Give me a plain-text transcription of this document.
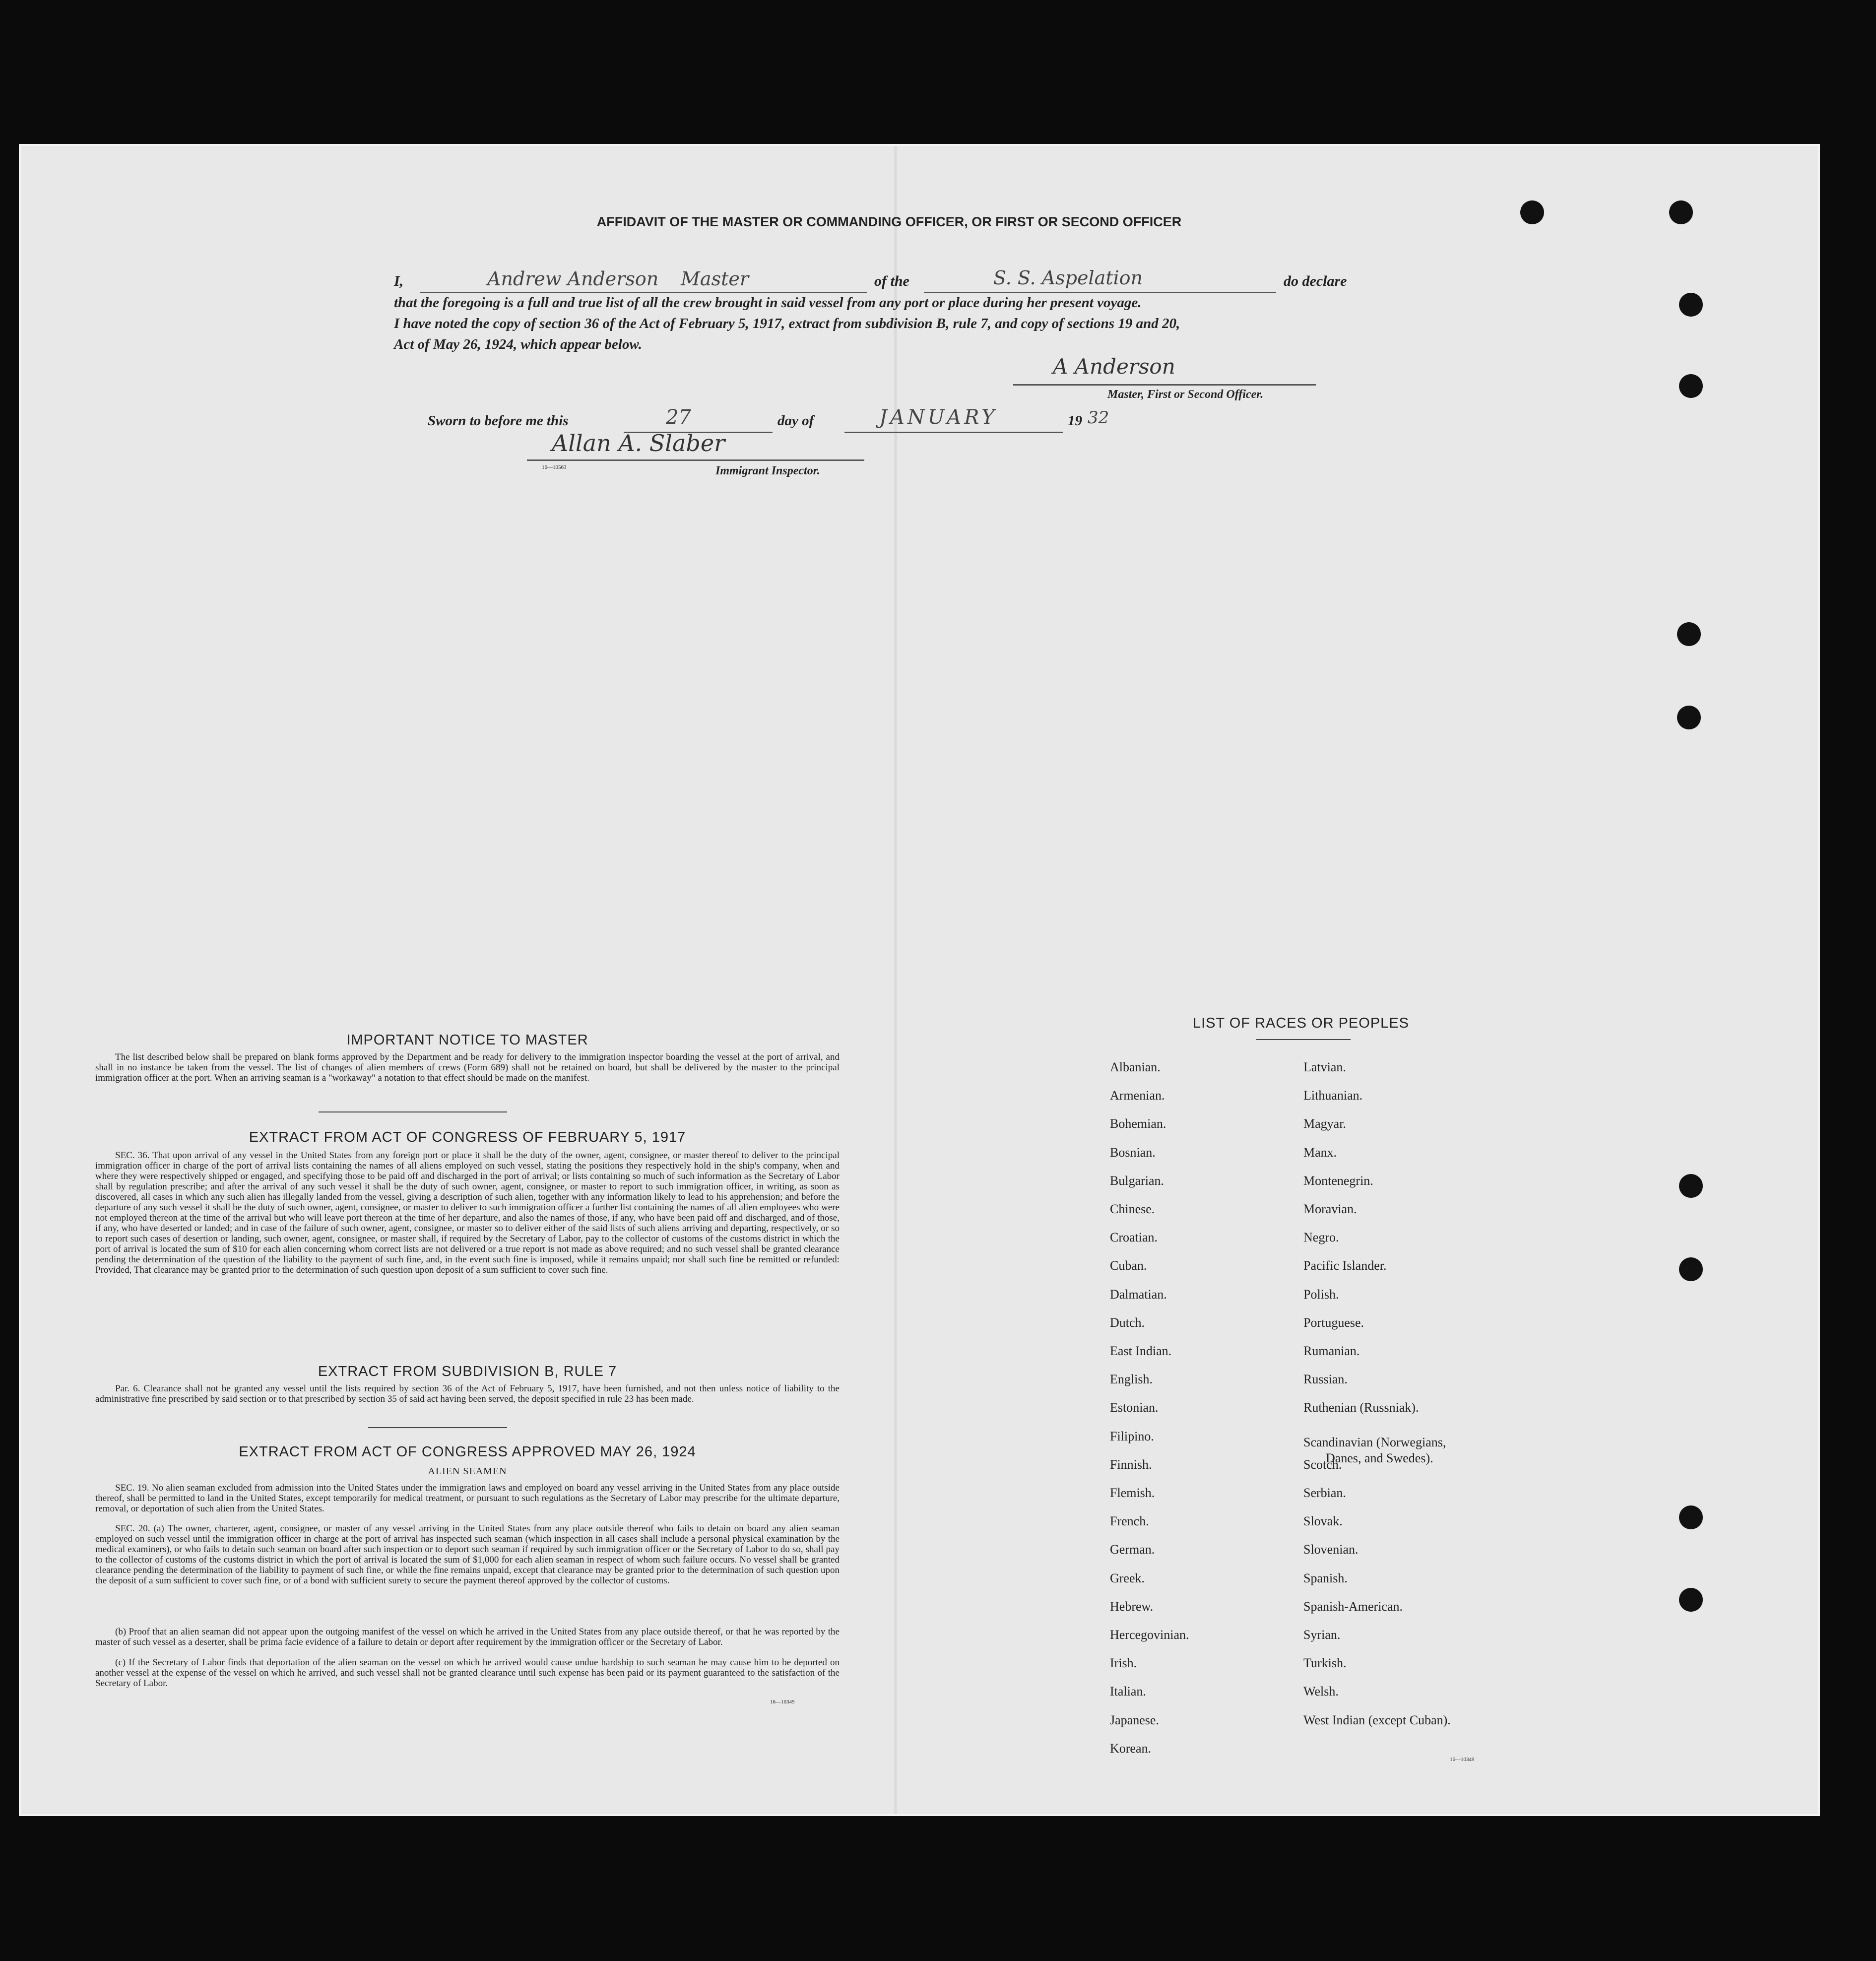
AFFIDAVIT OF THE MASTER OR COMMANDING OFFICER, OR FIRST OR SECOND OFFICER
I,	Andrew Anderson Master	of the	S. S. Aspelation	do declare
that the foregoing is a full and true list of all the crew brought in said vessel from any port or place during her present voyage.
I have noted the copy of section 36 of the Act of February 5, 1917, extract from subdivision B, rule 7, and copy of sections 19 and 20,
Act of May 26, 1924, which appear below.
A Anderson
Master, First or Second Officer.
Sworn to before me this	27	day of	JANUARY	19 32
Allan A. Slaber
16—10563	Immigrant Inspector.
IMPORTANT NOTICE TO MASTER
The list described below shall be prepared on blank forms approved by the Department and be ready for delivery to the immigration inspector boarding the vessel at the port of arrival, and shall in no instance be taken from the vessel. The list of changes of alien members of crews (Form 689) shall not be retained on board, but shall be delivered by the master to the principal immigration officer at the port. When an arriving seaman is a "workaway" a notation to that effect should be made on the manifest.
EXTRACT FROM ACT OF CONGRESS OF FEBRUARY 5, 1917
SEC. 36. That upon arrival of any vessel in the United States from any foreign port or place it shall be the duty of the owner, agent, consignee, or master thereof to deliver to the principal immigration officer in charge of the port of arrival lists containing the names of all aliens employed on such vessel, stating the positions they respectively hold in the ship's company, when and where they were respectively shipped or engaged, and specifying those to be paid off and discharged in the port of arrival; or lists containing so much of such information as the Secretary of Labor shall by regulation prescribe; and after the arrival of any such vessel it shall be the duty of such owner, agent, consignee, or master to report to such immigration officer, in writing, as soon as discovered, all cases in which any such alien has illegally landed from the vessel, giving a description of such alien, together with any information likely to lead to his apprehension; and before the departure of any such vessel it shall be the duty of such owner, agent, consignee, or master to deliver to such immigration officer a further list containing the names of all alien employees who were not employed thereon at the time of the arrival but who will leave port thereon at the time of her departure, and also the names of those, if any, who have been paid off and discharged, and of those, if any, who have deserted or landed; and in case of the failure of such owner, agent, consignee, or master so to deliver either of the said lists of such aliens arriving and departing, respectively, or so to report such cases of desertion or landing, such owner, agent, consignee, or master shall, if required by the Secretary of Labor, pay to the collector of customs of the customs district in which the port of arrival is located the sum of $10 for each alien concerning whom correct lists are not delivered or a true report is not made as above required; and no such vessel shall be granted clearance pending the determination of the question of the liability to the payment of such fine, and, in the event such fine is imposed, while it remains unpaid; nor shall such fine be remitted or refunded: Provided, That clearance may be granted prior to the determination of such question upon deposit of a sum sufficient to cover such fine.
EXTRACT FROM SUBDIVISION B, RULE 7
Par. 6. Clearance shall not be granted any vessel until the lists required by section 36 of the Act of February 5, 1917, have been furnished, and not then unless notice of liability to the administrative fine prescribed by said section or to that prescribed by section 35 of said act having been served, the deposit specified in rule 23 has been made.
EXTRACT FROM ACT OF CONGRESS APPROVED MAY 26, 1924
ALIEN SEAMEN
SEC. 19. No alien seaman excluded from admission into the United States under the immigration laws and employed on board any vessel arriving in the United States from any place outside thereof, shall be permitted to land in the United States, except temporarily for medical treatment, or pursuant to such regulations as the Secretary of Labor may prescribe for the ultimate departure, removal, or deportation of such alien from the United States.
SEC. 20. (a) The owner, charterer, agent, consignee, or master of any vessel arriving in the United States from any place outside thereof who fails to detain on board any alien seaman employed on such vessel until the immigration officer in charge at the port of arrival has inspected such seaman (which inspection in all cases shall include a personal physical examination by the medical examiners), or who fails to detain such seaman on board after such inspection or to deport such seaman if required by such immigration officer or the Secretary of Labor to do so, shall pay to the collector of customs of the customs district in which the port of arrival is located the sum of $1,000 for each alien seaman in respect of whom such failure occurs. No vessel shall be granted clearance pending the determination of the liability to payment of such fine, or while the fine remains unpaid, except that clearance may be granted prior to the determination of such question upon the deposit of a sum sufficient to cover such fine, or of a bond with sufficient surety to secure the payment thereof approved by the collector of customs.
(b) Proof that an alien seaman did not appear upon the outgoing manifest of the vessel on which he arrived in the United States from any place outside thereof, or that he was reported by the master of such vessel as a deserter, shall be prima facie evidence of a failure to detain or deport after requirement by the immigration officer or the Secretary of Labor.
(c) If the Secretary of Labor finds that deportation of the alien seaman on the vessel on which he arrived would cause undue hardship to such seaman he may cause him to be deported on another vessel at the expense of the vessel on which he arrived, and such vessel shall not be granted clearance until such expense has been paid or its payment guaranteed to the satisfaction of the Secretary of Labor.
16—10349
LIST OF RACES OR PEOPLES
16—10349
Albanian.
Armenian.
Bohemian.
Bosnian.
Bulgarian.
Chinese.
Croatian.
Cuban.
Dalmatian.
Dutch.
East Indian.
English.
Estonian.
Filipino.
Finnish.
Flemish.
French.
German.
Greek.
Hebrew.
Hercegovinian.
Irish.
Italian.
Japanese.
Korean.
Latvian.
Lithuanian.
Magyar.
Manx.
Montenegrin.
Moravian.
Negro.
Pacific Islander.
Polish.
Portuguese.
Rumanian.
Russian.
Ruthenian (Russniak).
Scandinavian (Norwegians,
Danes, and Swedes).
Scotch.
Serbian.
Slovak.
Slovenian.
Spanish.
Spanish-American.
Syrian.
Turkish.
Welsh.
West Indian (except Cuban).
